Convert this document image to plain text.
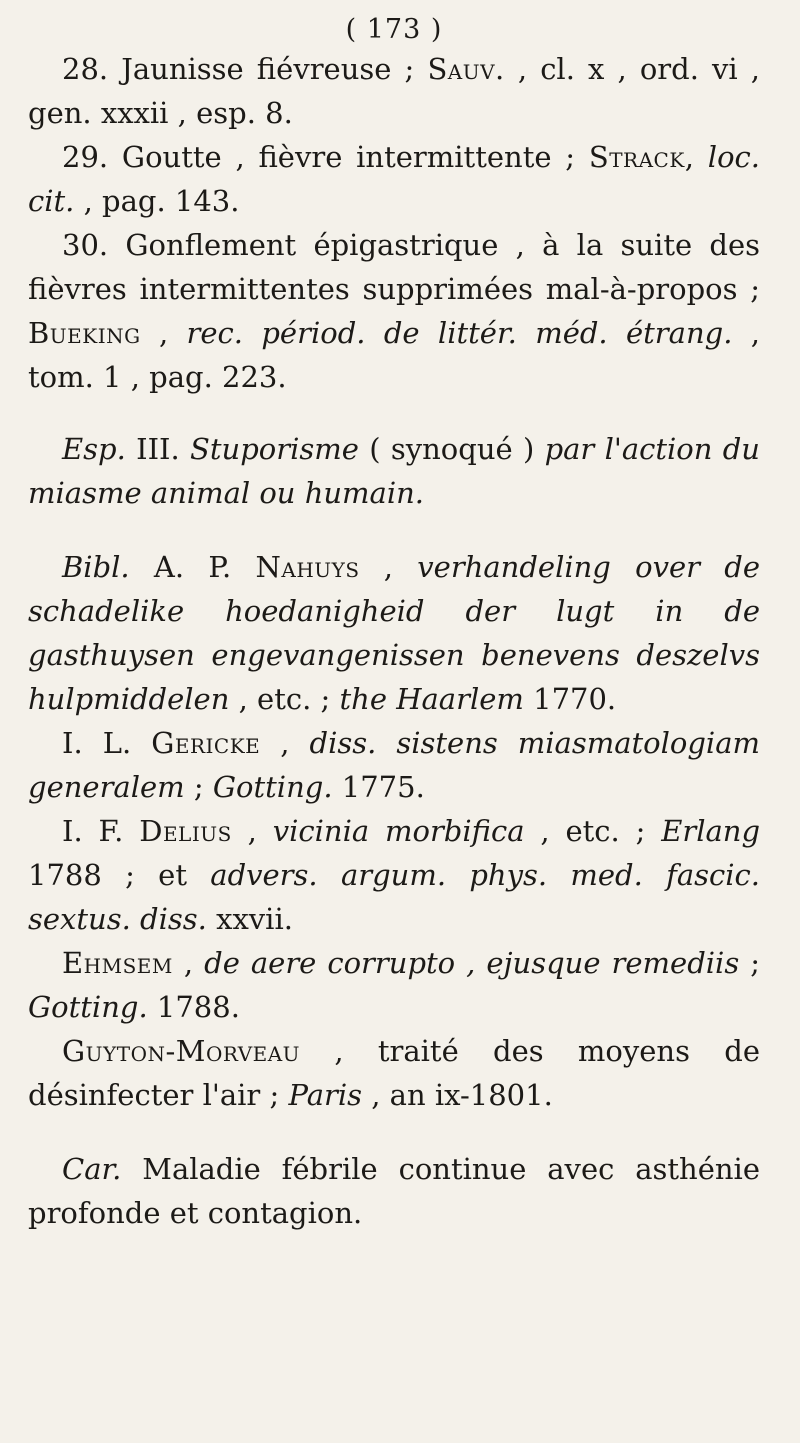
( 173 )

28. Jaunisse fiévreuse ; Sauv. , cl. x , ord. vi , gen. xxxii , esp. 8.

29. Goutte , fièvre intermittente ; Strack, loc. cit. , pag. 143.

30. Gonflement épigastrique , à la suite des fièvres intermittentes supprimées mal-à-propos ; Bueking , rec. périod. de littér. méd. étrang. , tom. 1 , pag. 223.

Esp. III. Stuporisme ( synoqué ) par l'action du miasme animal ou humain.

Bibl. A. P. Nahuys , verhandeling over de schadelike hoedanigheid der lugt in de gasthuysen engevangenissen benevens deszelvs hulpmiddelen , etc. ; the Haarlem 1770.

I. L. Gericke , diss. sistens miasmatologiam generalem ; Gotting. 1775.

I. F. Delius , vicinia morbifica , etc. ; Erlang 1788 ; et advers. argum. phys. med. fascic. sextus. diss. xxvii.

Ehmsem , de aere corrupto , ejusque remediis ; Gotting. 1788.

Guyton-Morveau , traité des moyens de désinfecter l'air ; Paris , an ix-1801.

Car. Maladie fébrile continue avec asthénie profonde et contagion.
